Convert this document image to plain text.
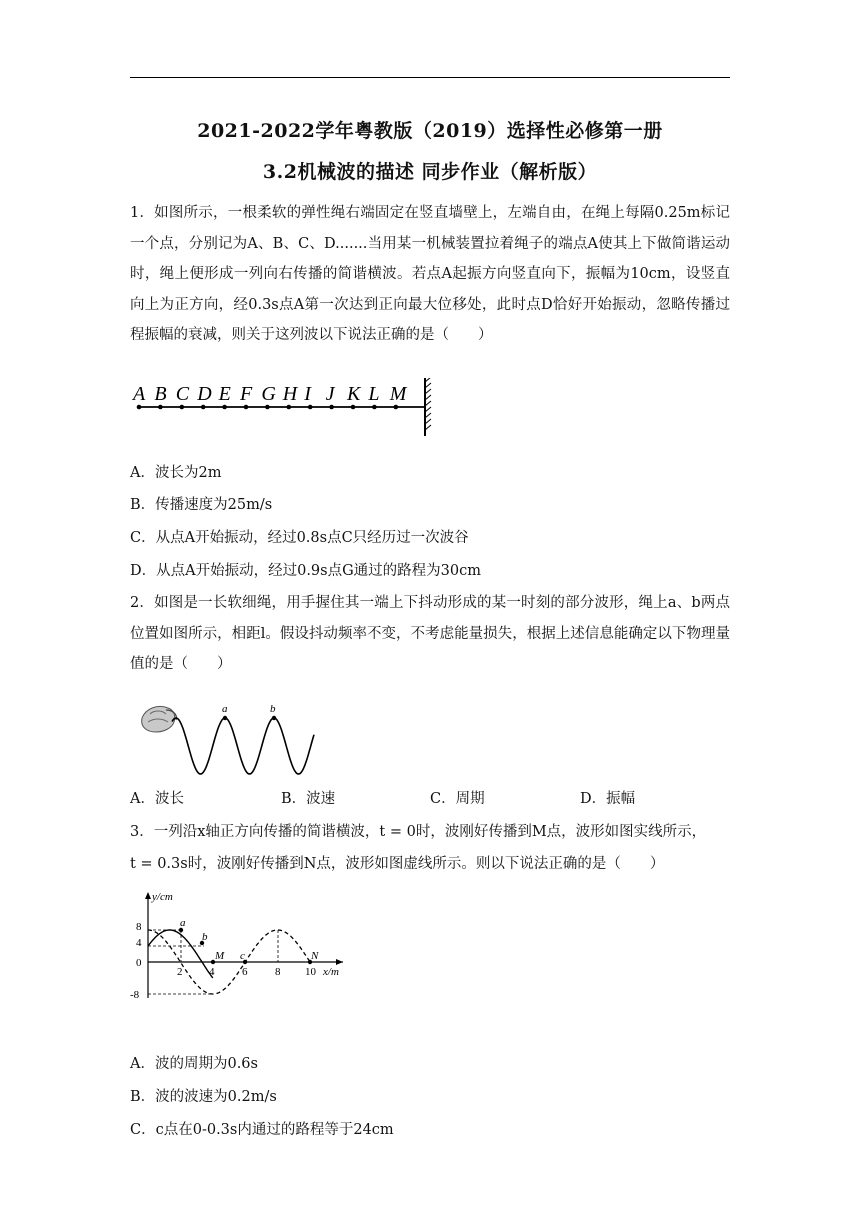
2021-2022学年粤教版（2019）选择性必修第一册
3.2机械波的描述 同步作业（解析版）
1．如图所示，一根柔软的弹性绳右端固定在竖直墙壁上，左端自由，在绳上每隔0.25m标记一个点，分别记为A、B、C、D.......当用某一机械装置拉着绳子的端点A使其上下做简谐运动时，绳上便形成一列向右传播的简谐横波。若点A起振方向竖直向下，振幅为10cm，设竖直向上为正方向，经0.3s点A第一次达到正向最大位移处，此时点D恰好开始振动，忽略传播过程振幅的衰减，则关于这列波以下说法正确的是（　　）
A B C D E F G H I J K L M
A．波长为2m
B．传播速度为25m/s
C．从点A开始振动，经过0.8s点C只经历过一次波谷
D．从点A开始振动，经过0.9s点G通过的路程为30cm
2．如图是一长软细绳，用手握住其一端上下抖动形成的某一时刻的部分波形，绳上a、b两点位置如图所示，相距l。假设抖动频率不变，不考虑能量损失，根据上述信息能确定以下物理量值的是（　　）
a	b
A．波长	B．波速	C．周期	D．振幅
3．一列沿x轴正方向传播的简谐横波，t = 0时，波刚好传播到M点，波形如图实线所示，
t = 0.3s时，波刚好传播到N点，波形如图虚线所示。则以下说法正确的是（　　）
y/cm
x/m
8
4
0
-8
2 4	6	8 10
a
b
M c	N
A．波的周期为0.6s
B．波的波速为0.2m/s
C．c点在0-0.3s内通过的路程等于24cm
